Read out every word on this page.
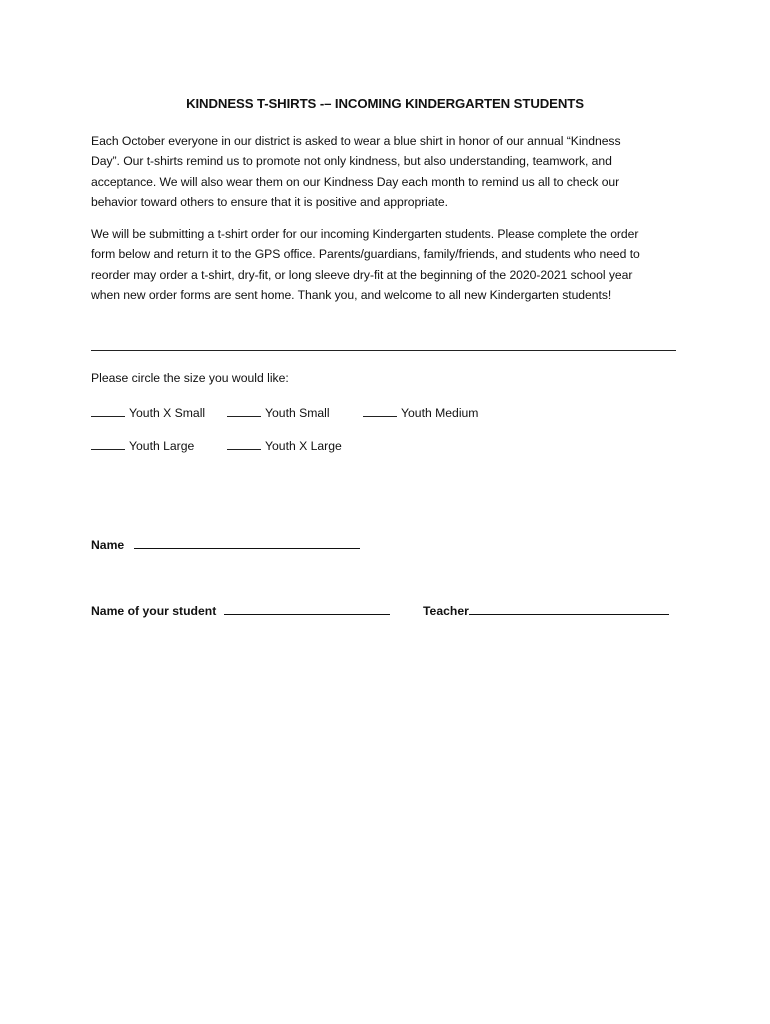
KINDNESS T-SHIRTS -– INCOMING KINDERGARTEN STUDENTS
Each October everyone in our district is asked to wear a blue shirt in honor of our annual “Kindness
Day”. Our t-shirts remind us to promote not only kindness, but also understanding, teamwork, and
acceptance. We will also wear them on our Kindness Day each month to remind us all to check our
behavior toward others to ensure that it is positive and appropriate.
We will be submitting a t-shirt order for our incoming Kindergarten students. Please complete the order
form below and return it to the GPS office. Parents/guardians, family/friends, and students who need to
reorder may order a t-shirt, dry-fit, or long sleeve dry-fit at the beginning of the 2020-2021 school year
when new order forms are sent home. Thank you, and welcome to all new Kindergarten students!
Please circle the size you would like:
Youth X Small	Youth Small	Youth Medium
Youth Large	Youth X Large
Name
Name of your student	Teacher
